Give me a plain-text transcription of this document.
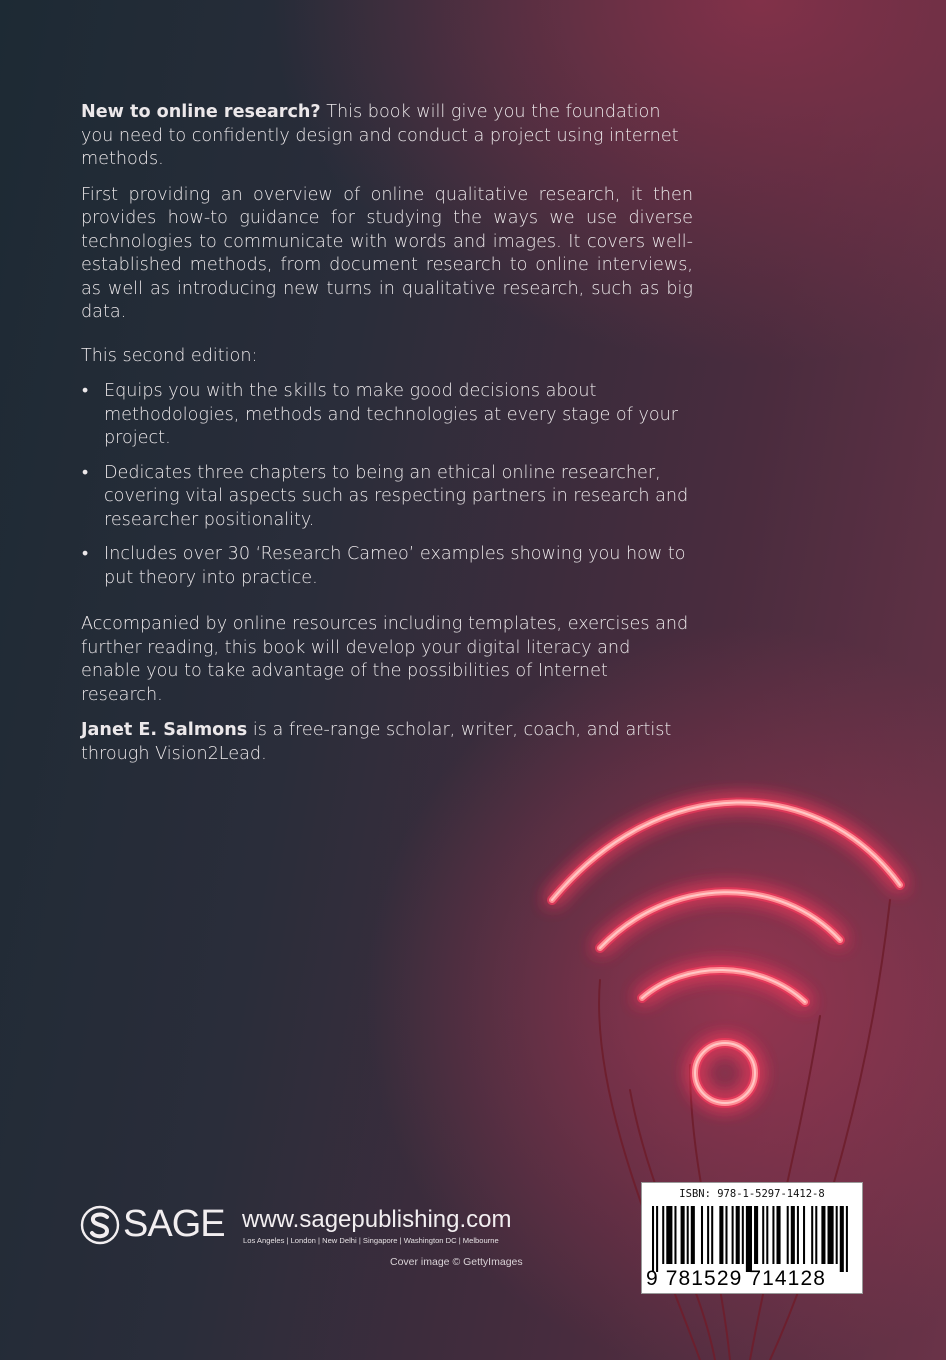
New to online research? This book will give you the foundation you need to confidently design and conduct a project using internet methods.

First providing an overview of online qualitative research, it then provides how-to guidance for studying the ways we use diverse technologies to communicate with words and images. It covers well-established methods, from document research to online interviews, as well as introducing new turns in qualitative research, such as big data.

This second edition:

• Equips you with the skills to make good decisions about methodologies, methods and technologies at every stage of your project.
• Dedicates three chapters to being an ethical online researcher, covering vital aspects such as respecting partners in research and researcher positionality.
• Includes over 30 ‘Research Cameo’ examples showing you how to put theory into practice.

Accompanied by online resources including templates, exercises and further reading, this book will develop your digital literacy and enable you to take advantage of the possibilities of Internet research.

Janet E. Salmons is a free-range scholar, writer, coach, and artist through Vision2Lead.

SAGE www.sagepublishing.com
Los Angeles | London | New Delhi | Singapore | Washington DC | Melbourne
Cover image © GettyImages
ISBN: 978-1-5297-1412-8
9 781529 714128
